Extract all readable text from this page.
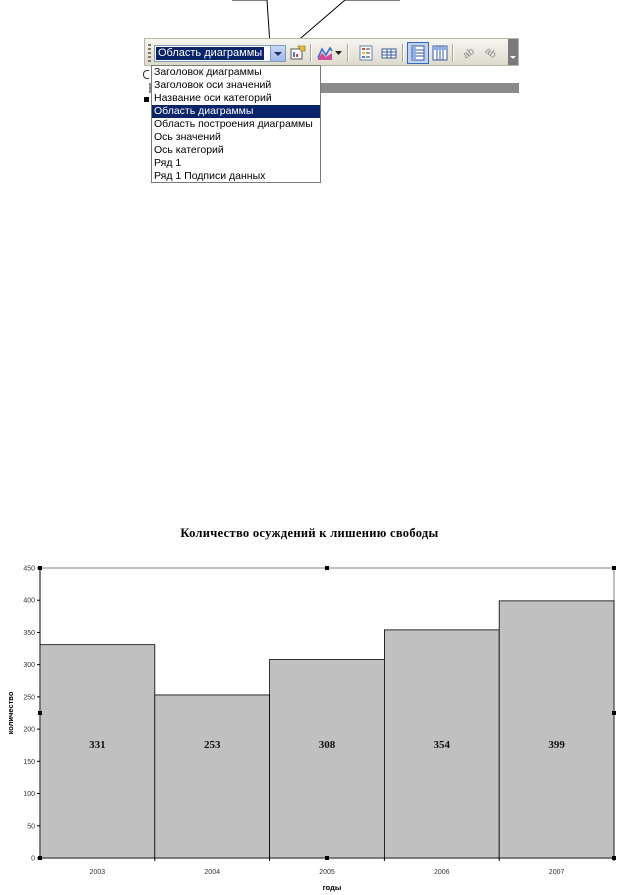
Область диаграммы	ab ab
Заголовок диаграммы
Заголовок оси значений
Название оси категорий
Область диаграммы
Область построения диаграммы
Ось значений
Ось категорий
Ряд 1
Ряд 1 Подписи данных
Количество осуждений к лишению свободы
0
50
100
150
200
250
300
350
400
450
331
2003
253
2004
308
2005
354
2006
399
2007
годы
количество
